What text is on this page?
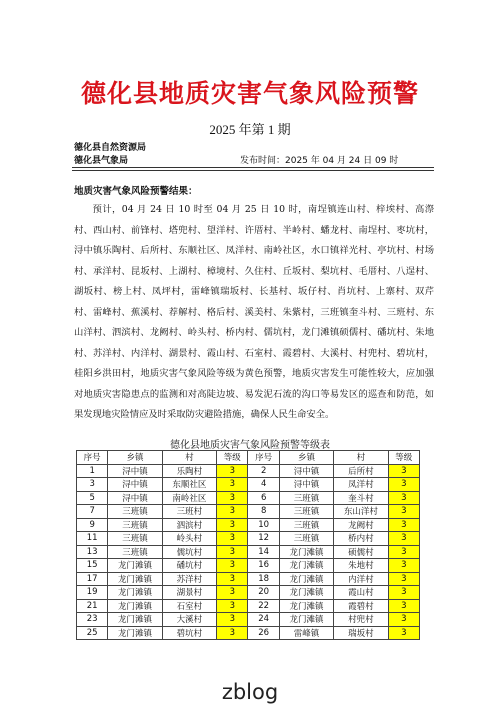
德化县地质灾害气象风险预警
2025 年第 1 期
德化县自然资源局
德化县气象局	发布时间：2025 年 04 月 24 日 09 时
地质灾害气象风险预警结果：
预计，04 月 24 日 10 时至 04 月 25 日 10 时，南埕镇连山村、梓埃村、高漈村、西山村、前锋村、塔兜村、望洋村、许厝村、半岭村、蟠龙村、南埕村、枣坑村，浔中镇乐陶村、后所村、东顺社区、凤洋村、南岭社区，水口镇祥光村、亭坑村、村场村、承洋村、昆坂村、上湖村、樟境村、久住村、丘坂村、梨坑村、毛厝村、八逞村、湖坂村、榜上村、凤坪村，雷峰镇瑞坂村、长基村、坂仔村、肖坑村、上寨村、双芹村、雷峰村、蕉溪村、荐解村、格后村、溪美村、朱紫村，三班镇奎斗村、三班村、东山洋村、泗滨村、龙阙村、岭头村、桥内村、儒坑村，龙门滩镇硕儒村、磻坑村、朱地村、苏洋村、内洋村、湖景村、霞山村、石室村、霞碧村、大溪村、村兜村、碧坑村，桂阳乡洪田村，地质灾害气象风险等级为黄色预警，地质灾害发生可能性较大，应加强对地质灾害隐患点的监测和对高陡边坡、易发泥石流的沟口等易发区的巡查和防范，如果发现地灾险情应及时采取防灾避险措施，确保人民生命安全。
德化县地质灾害气象风险预警等级表
序号	乡镇	村	等级	序号	乡镇	村	等级
1	浔中镇	乐陶村	3	2	浔中镇	后所村	3
3	浔中镇	东顺社区	3	4	浔中镇	凤洋村	3
5	浔中镇	南岭社区	3	6	三班镇	奎斗村	3
7	三班镇	三班村	3	8	三班镇	东山洋村	3
9	三班镇	泗滨村	3	10	三班镇	龙阙村	3
11	三班镇	岭头村	3	12	三班镇	桥内村	3
13	三班镇	儒坑村	3	14	龙门滩镇	硕儒村	3
15	龙门滩镇	磻坑村	3	16	龙门滩镇	朱地村	3
17	龙门滩镇	苏洋村	3	18	龙门滩镇	内洋村	3
19	龙门滩镇	湖景村	3	20	龙门滩镇	霞山村	3
21	龙门滩镇	石室村	3	22	龙门滩镇	霞碧村	3
23	龙门滩镇	大溪村	3	24	龙门滩镇	村兜村	3
25	龙门滩镇	碧坑村	3	26	雷峰镇	瑞坂村	3
zblog
